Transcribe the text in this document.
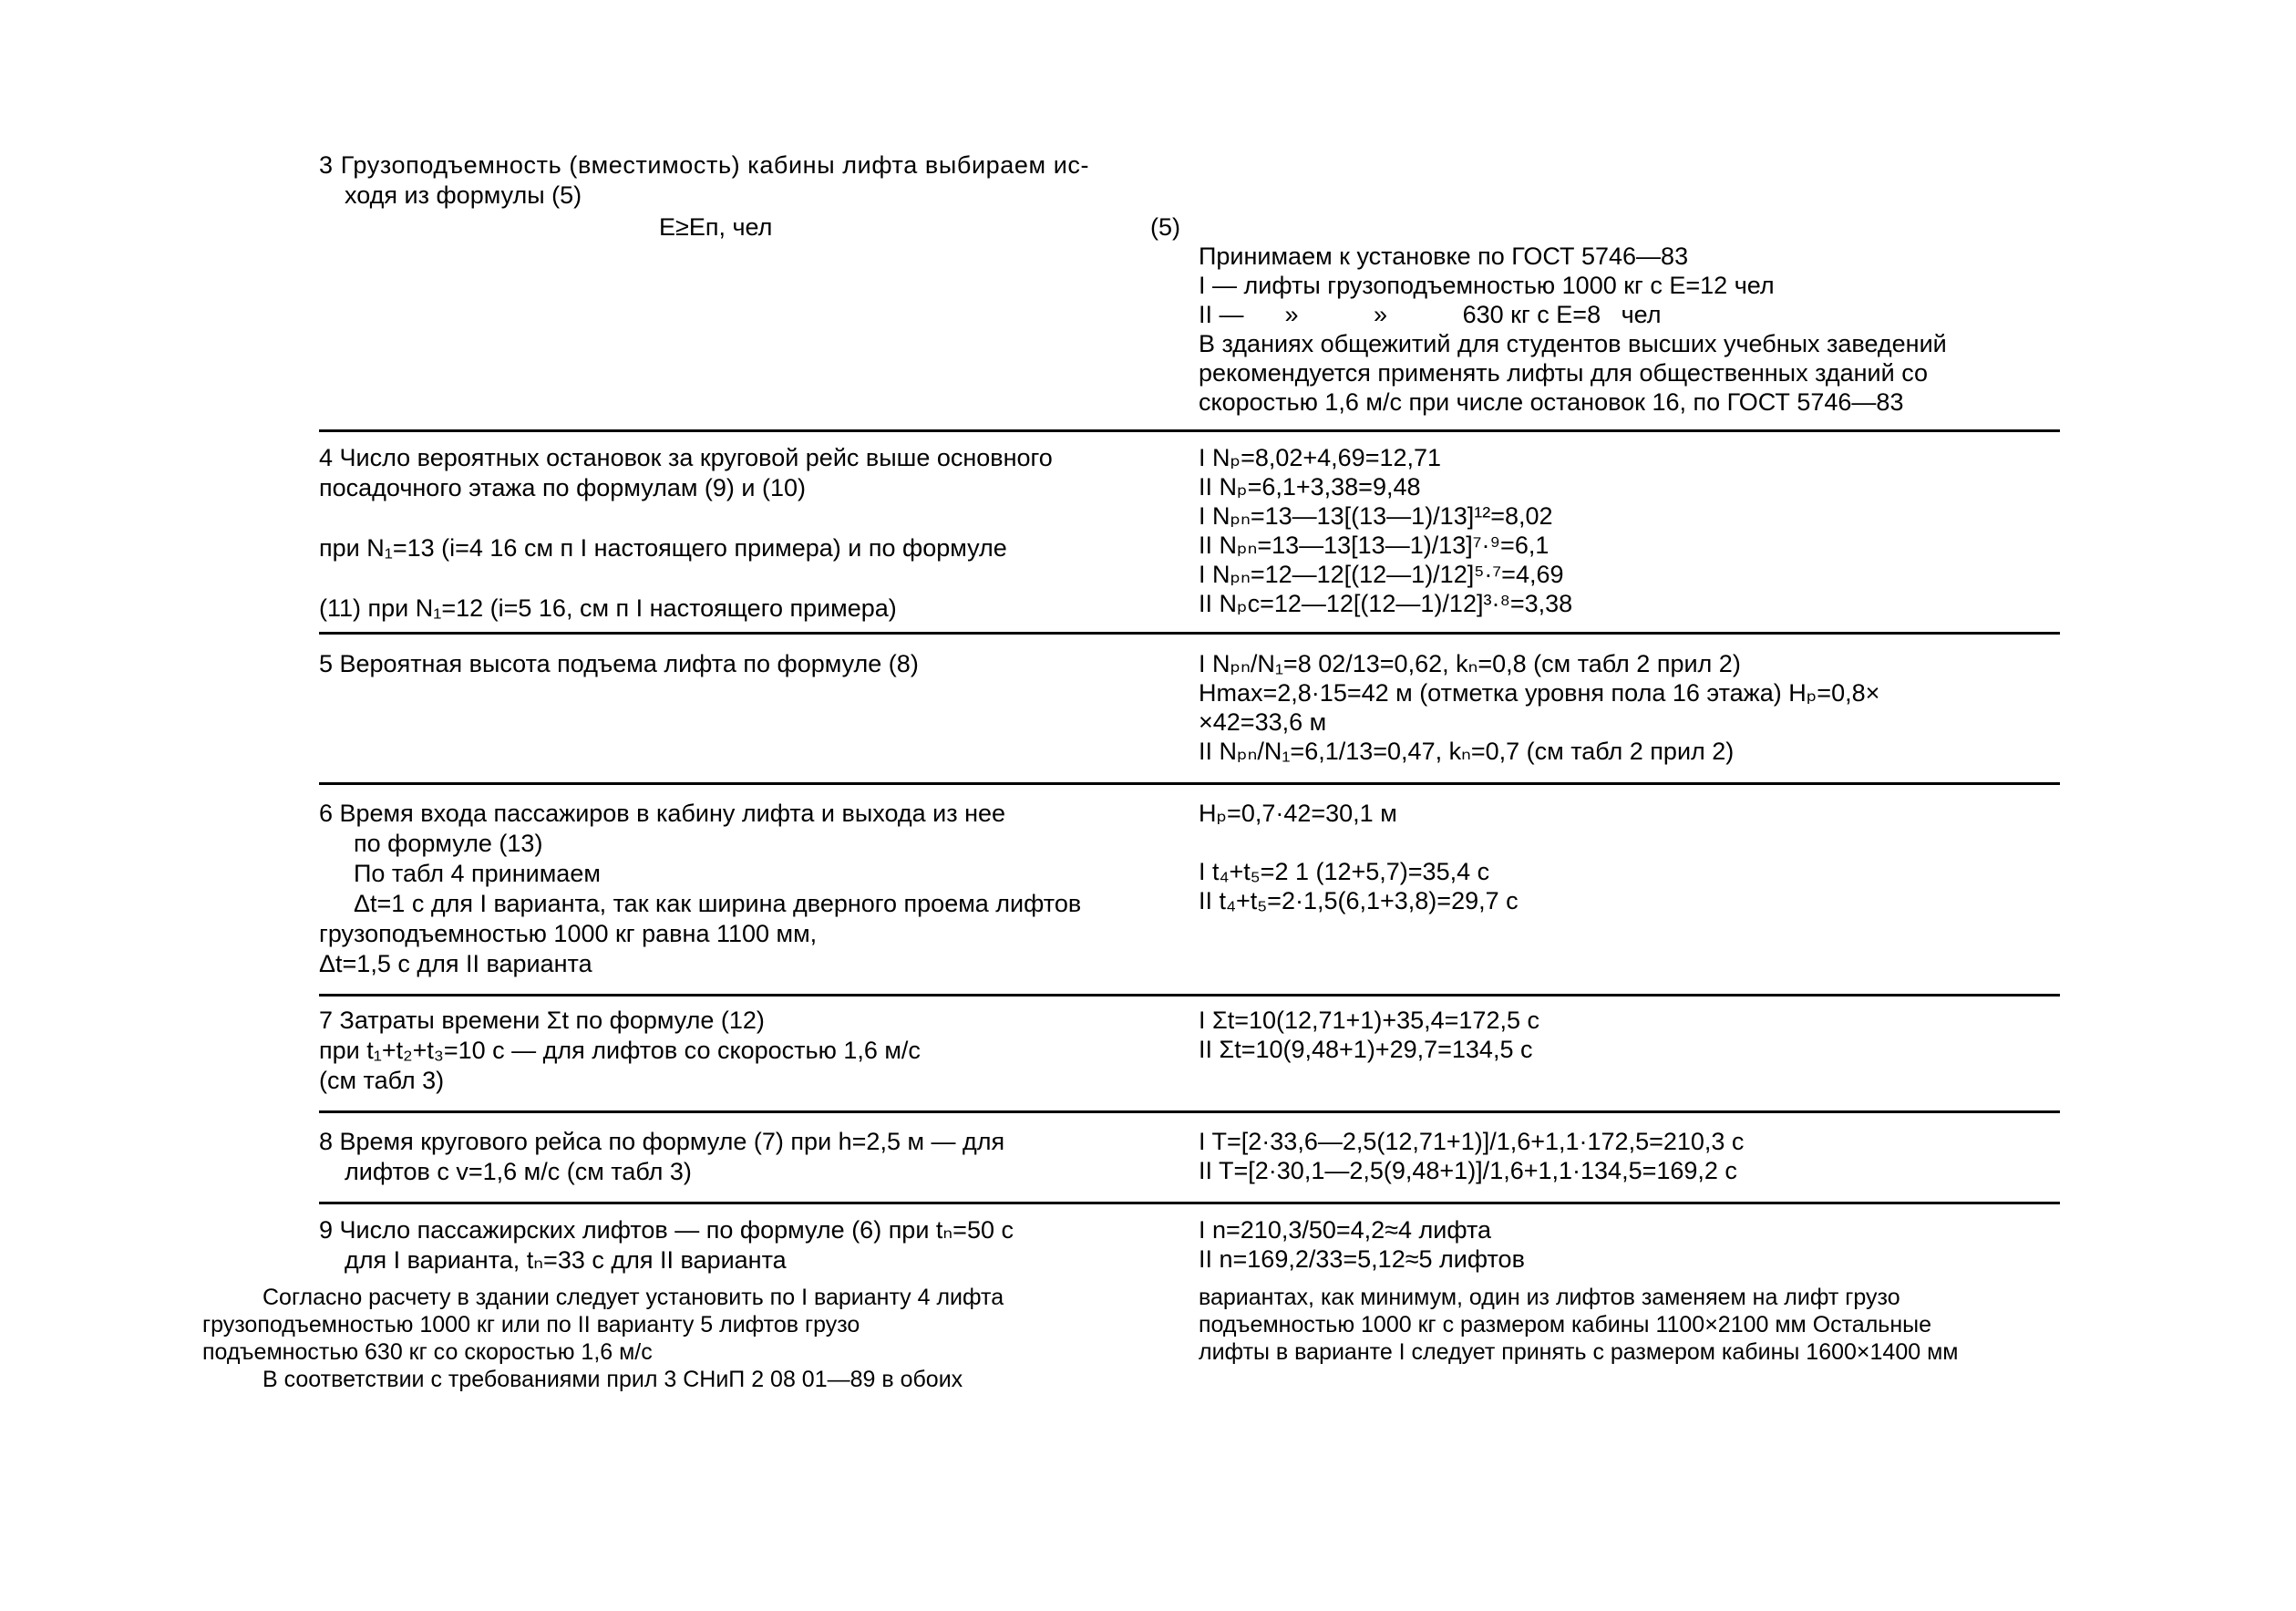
3 Грузоподъемность (вместимость) кабины лифта выбираем ис-
ходя из формулы (5)
E≥Eп, чел	(5)
Принимаем к установке по ГОСТ 5746—83
I — лифты грузоподъемностью 1000 кг с E=12 чел
II —      »           »           630 кг с E=8   чел
В зданиях общежитий для студентов высших учебных заведений
рекомендуется применять лифты для общественных зданий со
скоростью 1,6 м/с при числе остановок 16, по ГОСТ 5746—83
4 Число вероятных остановок за круговой рейс выше основного
посадочного этажа по формулам (9) и (10)

при N₁=13 (i=4 16 см п I настоящего примера) и по формуле

(11) при N₁=12 (i=5 16, см п I настоящего примера)
I Nₚ=8,02+4,69=12,71
II Nₚ=6,1+3,38=9,48
I Nₚₙ=13—13[(13—1)/13]¹²=8,02
II Nₚₙ=13—13[13—1)/13]⁷·⁹=6,1
I Nₚₙ=12—12[(12—1)/12]⁵·⁷=4,69
II Nₚc=12—12[(12—1)/12]³·⁸=3,38
5 Вероятная высота подъема лифта по формуле (8)	I Nₚₙ/N₁=8 02/13=0,62, kₙ=0,8 (см табл 2 прил 2)
Hmax=2,8·15=42 м (отметка уровня пола 16 этажа) Hₚ=0,8×
×42=33,6 м
II Nₚₙ/N₁=6,1/13=0,47, kₙ=0,7 (см табл 2 прил 2)
6 Время входа пассажиров в кабину лифта и выхода из нее
по формуле (13)
По табл 4 принимаем
Δt=1 с для I варианта, так как ширина дверного проема лифтов
грузоподъемностью 1000 кг равна 1100 мм,
Δt=1,5 с для II варианта
Hₚ=0,7·42=30,1 м

I t₄+t₅=2 1 (12+5,7)=35,4 с
II t₄+t₅=2·1,5(6,1+3,8)=29,7 с
7 Затраты времени Σt по формуле (12)
при t₁+t₂+t₃=10 с — для лифтов со скоростью 1,6 м/с
(см табл 3)
I Σt=10(12,71+1)+35,4=172,5 с
II Σt=10(9,48+1)+29,7=134,5 с
8 Время кругового рейса по формуле (7) при h=2,5 м — для
лифтов с v=1,6 м/с (см табл 3)
I T=[2·33,6—2,5(12,71+1)]/1,6+1,1·172,5=210,3 с
II T=[2·30,1—2,5(9,48+1)]/1,6+1,1·134,5=169,2 с
9 Число пассажирских лифтов — по формуле (6) при tₙ=50 с
для I варианта, tₙ=33 с для II варианта
I n=210,3/50=4,2≈4 лифта
II n=169,2/33=5,12≈5 лифтов
Согласно расчету в здании следует установить по I варианту 4 лифта
грузоподъемностью 1000 кг или по II варианту 5 лифтов грузо
подъемностью 630 кг со скоростью 1,6 м/с
В соответствии с требованиями прил 3 СНиП 2 08 01—89 в обоих
вариантах, как минимум, один из лифтов заменяем на лифт грузо
подъемностью 1000 кг с размером кабины 1100×2100 мм Остальные
лифты в варианте I следует принять с размером кабины 1600×1400 мм
